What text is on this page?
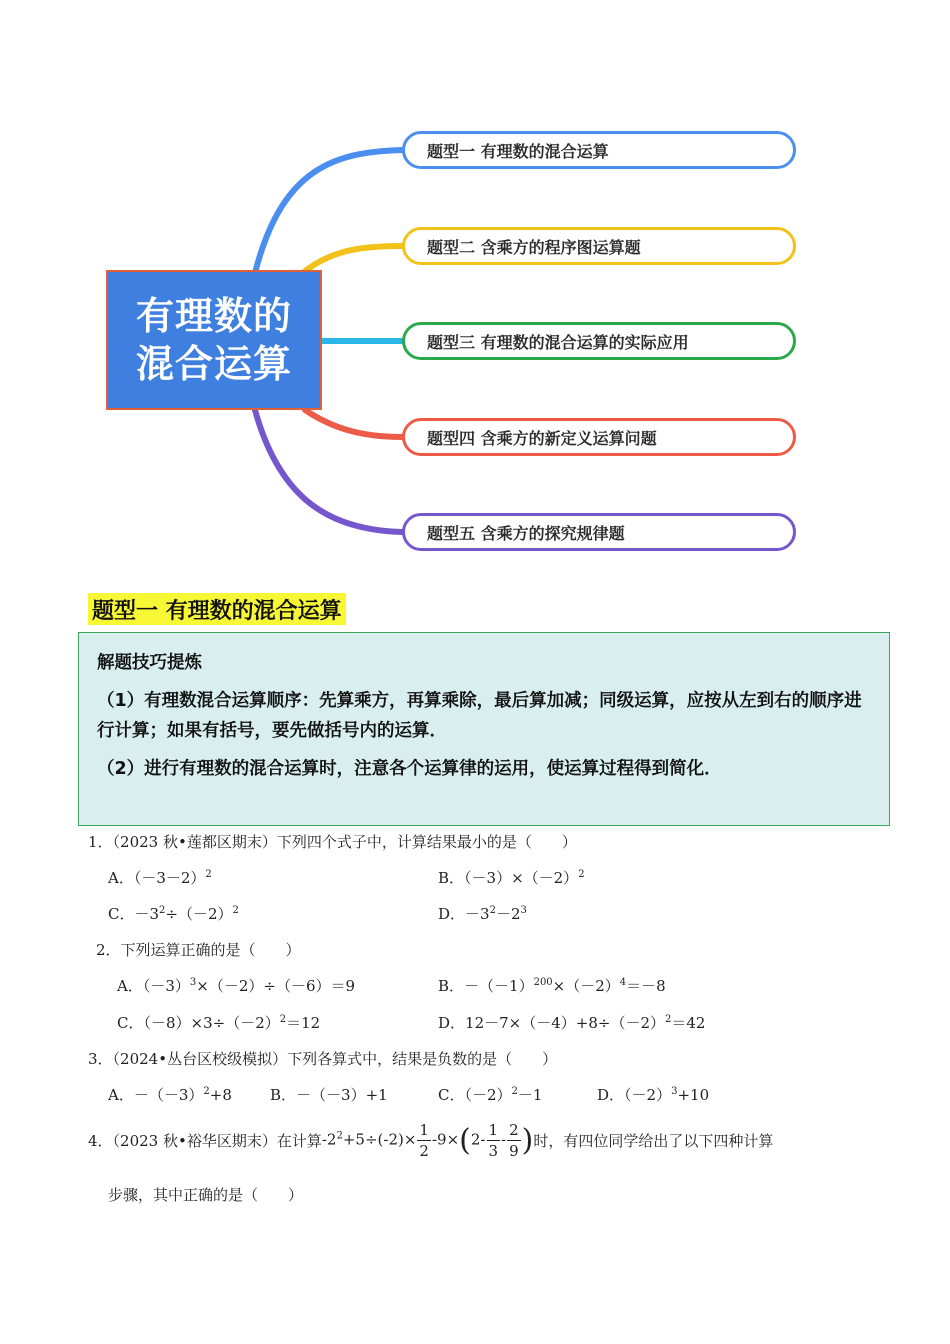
有理数的
混合运算
题型一 有理数的混合运算
题型二 含乘方的程序图运算题
题型三 有理数的混合运算的实际应用
题型四 含乘方的新定义运算问题
题型五 含乘方的探究规律题
题型一 有理数的混合运算
解题技巧提炼

（1）有理数混合运算顺序：先算乘方，再算乘除，最后算加减；同级运算，应按从左到右的顺序进行计算；如果有括号，要先做括号内的运算．

（2）进行有理数的混合运算时，注意各个运算律的运用，使运算过程得到简化．

1．（2023 秋•莲都区期末）下列四个式子中，计算结果最小的是（　　）
A．$(-3-2)^2$	B．$(-3)\times(-2)^2$
C．$-3^2\div(-2)^2$	D．$-3^2-2^3$
2．下列运算正确的是（　　）
A．$(-3)^3\times(-2)\div(-6)=9$	B．$-(-1)^{200}\times(-2)^4=-8$
C．$(-8)\times 3\div(-2)^2=12$	D．$12-7\times(-4)+8\div(-2)^2=42$
3．（2024•丛台区校级模拟）下列各算式中，结果是负数的是（　　）
A．$-(-3)^2+8$	B．－（－3）+1	C．$(-2)^2-1$	D．$(-2)^3+10$
4．（2023 秋•裕华区期末）在计算 $-2^2+5\div(-2)\times \frac{1}{2} -9\times(2- \frac{1}{3} - \frac{2}{9}$ ) 时，有四位同学给出了以下四种计算
步骤，其中正确的是（　　）
